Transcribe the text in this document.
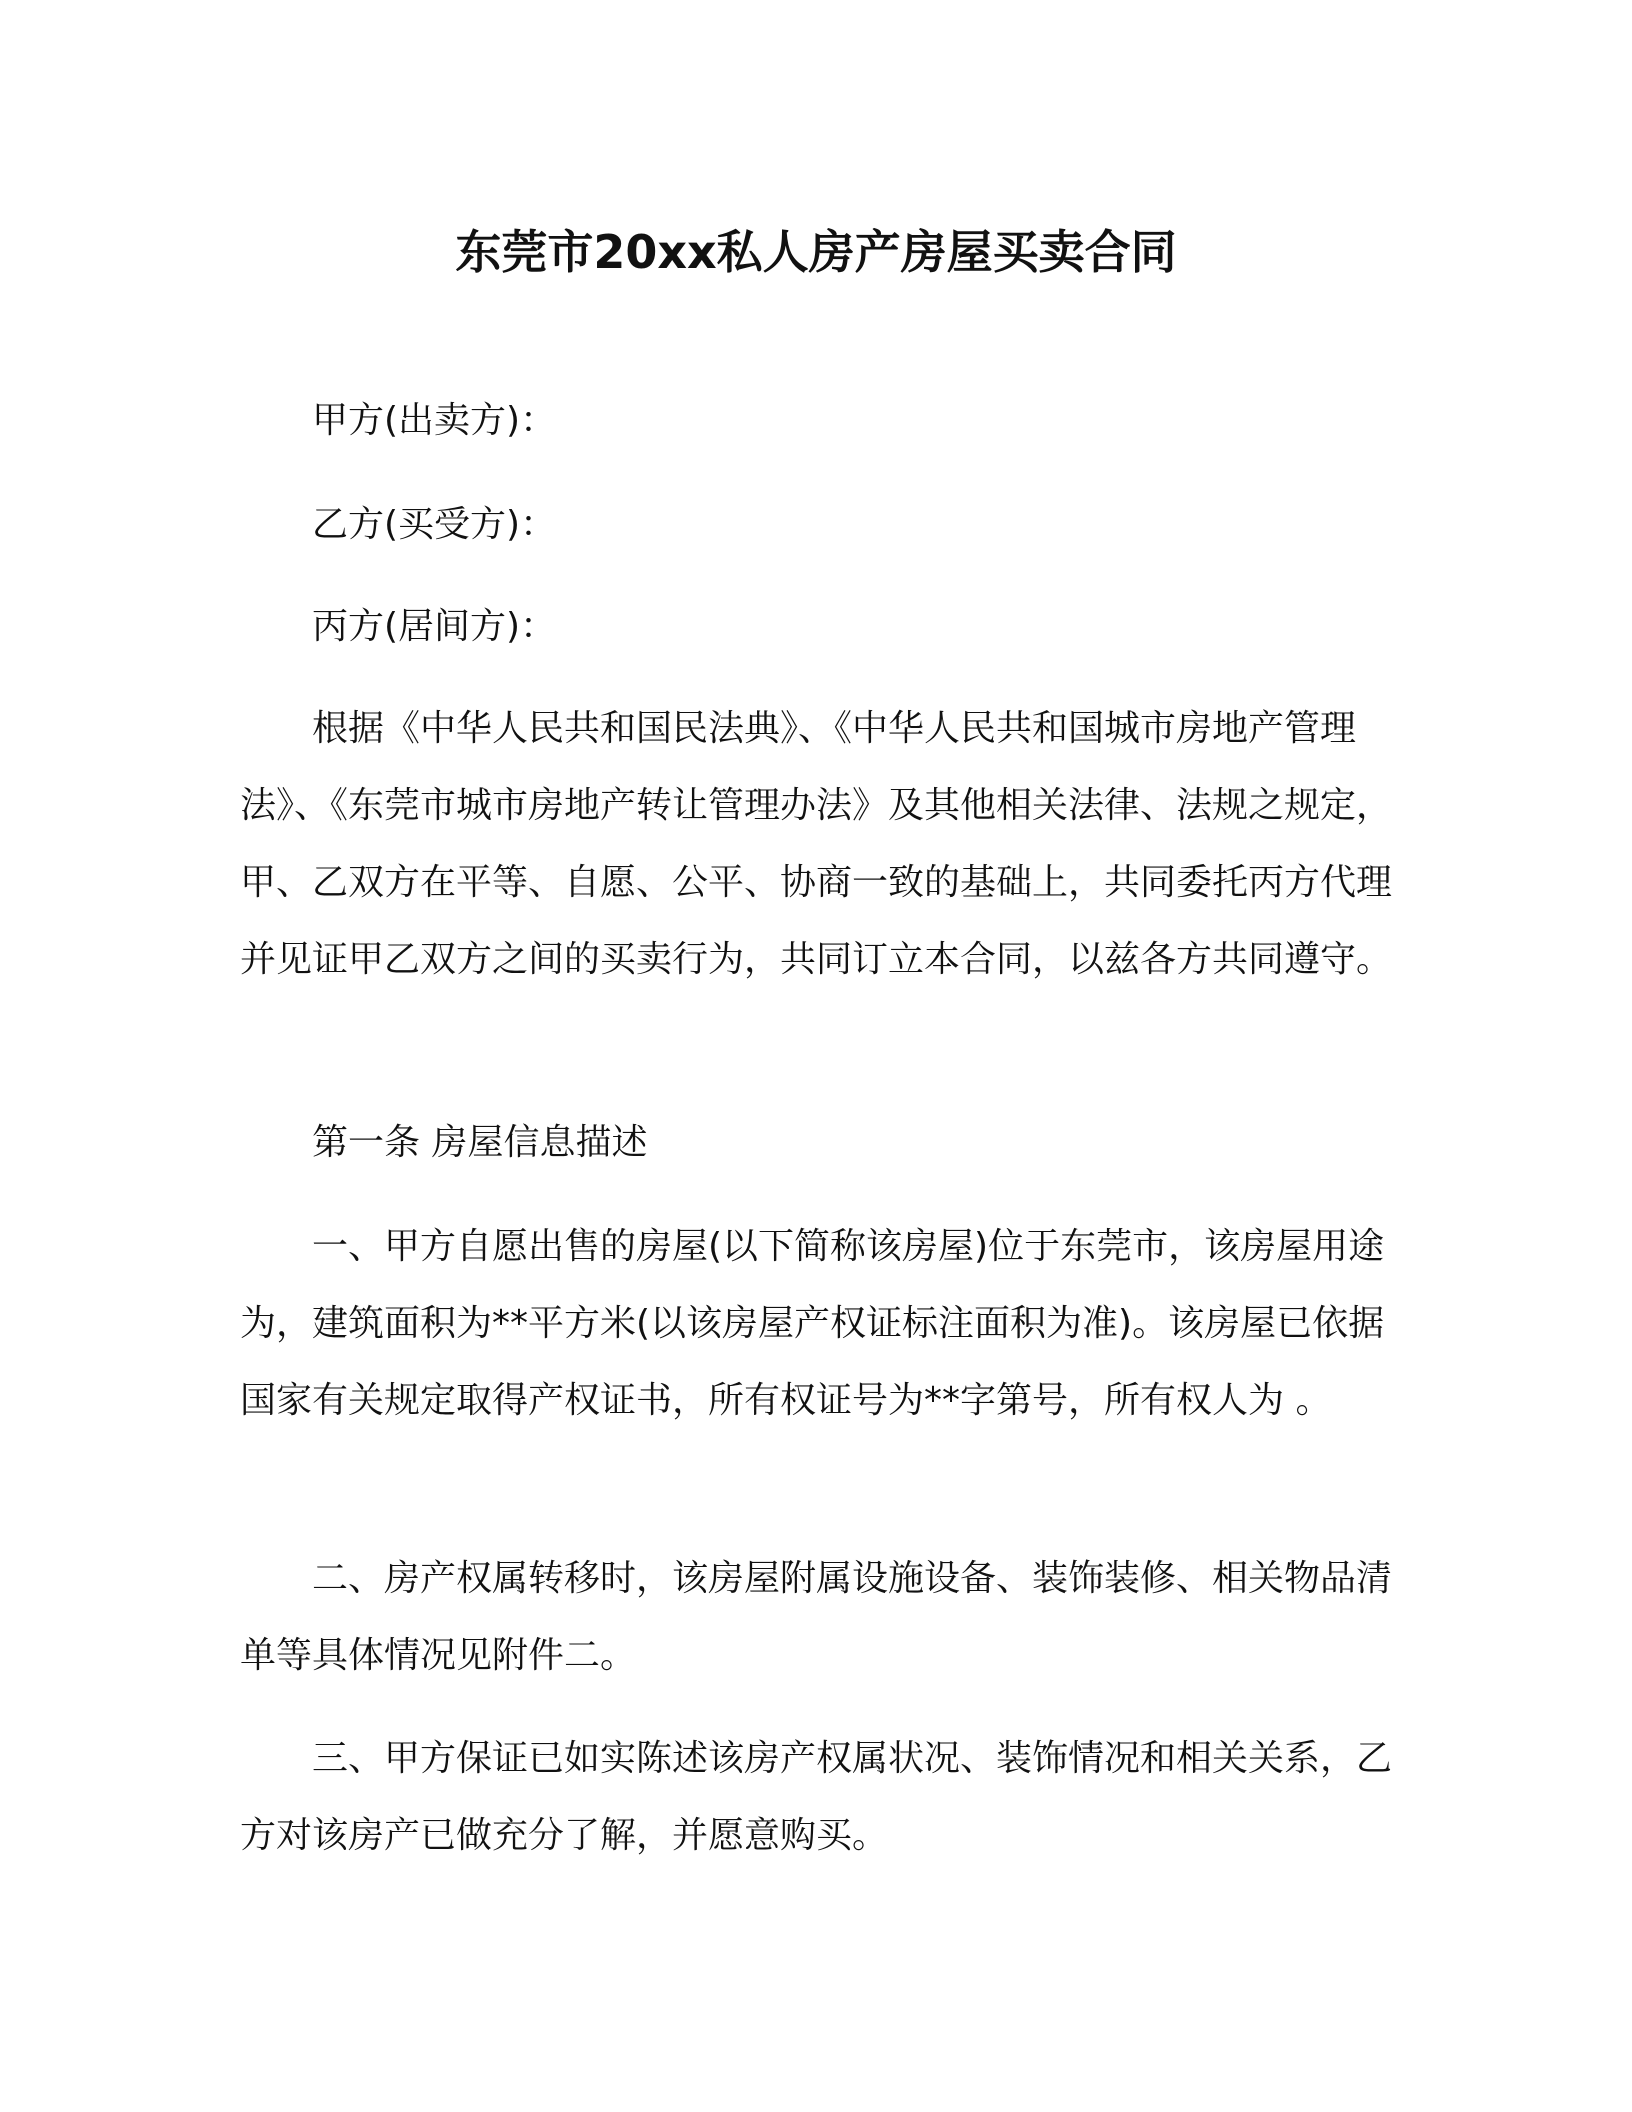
东莞市20xx私人房产房屋买卖合同

甲方(出卖方)：

乙方(买受方)：

丙方(居间方)：

根据《中华人民共和国民法典》、《中华人民共和国城市房地产管理法》、《东莞市城市房地产转让管理办法》及其他相关法律、法规之规定，甲、乙双方在平等、自愿、公平、协商一致的基础上，共同委托丙方代理并见证甲乙双方之间的买卖行为，共同订立本合同，以兹各方共同遵守。

第一条 房屋信息描述

一、甲方自愿出售的房屋(以下简称该房屋)位于东莞市，该房屋用途为，建筑面积为**平方米(以该房屋产权证标注面积为准)。该房屋已依据国家有关规定取得产权证书，所有权证号为**字第号，所有权人为 。

二、房产权属转移时，该房屋附属设施设备、装饰装修、相关物品清单等具体情况见附件二。

三、甲方保证已如实陈述该房产权属状况、装饰情况和相关关系，乙方对该房产已做充分了解，并愿意购买。
